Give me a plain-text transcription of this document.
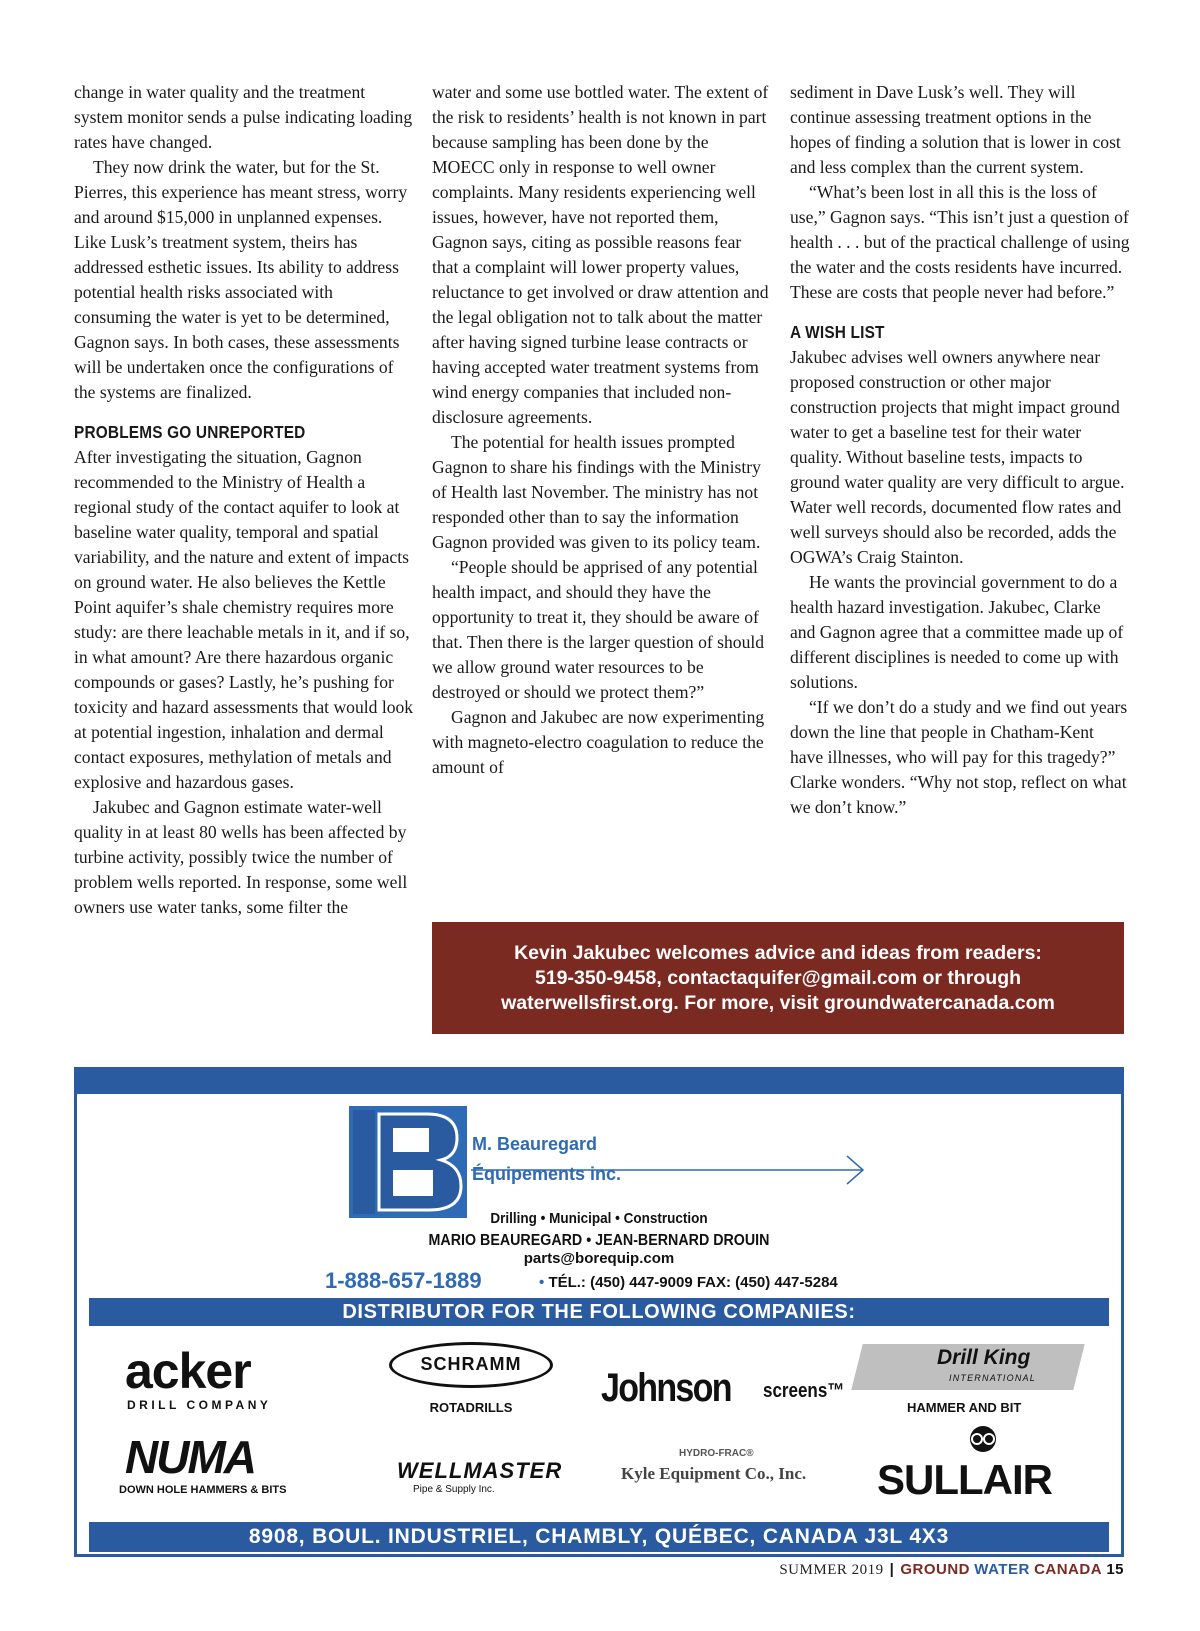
change in water quality and the treatment system monitor sends a pulse indicating loading rates have changed.

They now drink the water, but for the St. Pierres, this experience has meant stress, worry and around $15,000 in unplanned expenses. Like Lusk’s treatment system, theirs has addressed esthetic issues. Its ability to address potential health risks associated with consuming the water is yet to be determined, Gagnon says. In both cases, these assessments will be undertaken once the configurations of the systems are finalized.

PROBLEMS GO UNREPORTED

After investigating the situation, Gagnon recommended to the Ministry of Health a regional study of the contact aquifer to look at baseline water quality, temporal and spatial variability, and the nature and extent of impacts on ground water. He also believes the Kettle Point aquifer’s shale chemistry requires more study: are there leachable metals in it, and if so, in what amount? Are there hazardous organic compounds or gases? Lastly, he’s pushing for toxicity and hazard assessments that would look at potential ingestion, inhalation and dermal contact exposures, methylation of metals and explosive and hazardous gases.

Jakubec and Gagnon estimate water-well quality in at least 80 wells has been affected by turbine activity, possibly twice the number of problem wells reported. In response, some well owners use water tanks, some filter the

water and some use bottled water. The extent of the risk to residents’ health is not known in part because sampling has been done by the MOECC only in response to well owner complaints. Many residents experiencing well issues, however, have not reported them, Gagnon says, citing as possible reasons fear that a complaint will lower property values, reluctance to get involved or draw attention and the legal obligation not to talk about the matter after having signed turbine lease contracts or having accepted water treatment systems from wind energy companies that included non-disclosure agreements.

The potential for health issues prompted Gagnon to share his findings with the Ministry of Health last November. The ministry has not responded other than to say the information Gagnon provided was given to its policy team.

“People should be apprised of any potential health impact, and should they have the opportunity to treat it, they should be aware of that. Then there is the larger question of should we allow ground water resources to be destroyed or should we protect them?”

Gagnon and Jakubec are now experimenting with magneto-electro coagulation to reduce the amount of

sediment in Dave Lusk’s well. They will continue assessing treatment options in the hopes of finding a solution that is lower in cost and less complex than the current system.

“What’s been lost in all this is the loss of use,” Gagnon says. “This isn’t just a question of health . . . but of the practical challenge of using the water and the costs residents have incurred. These are costs that people never had before.”

A WISH LIST

Jakubec advises well owners anywhere near proposed construction or other major construction projects that might impact ground water to get a baseline test for their water quality. Without baseline tests, impacts to ground water quality are very difficult to argue. Water well records, documented flow rates and well surveys should also be recorded, adds the OGWA’s Craig Stainton.

He wants the provincial government to do a health hazard investigation. Jakubec, Clarke and Gagnon agree that a committee made up of different disciplines is needed to come up with solutions.

“If we don’t do a study and we find out years down the line that people in Chatham-Kent have illnesses, who will pay for this tragedy?” Clarke wonders. “Why not stop, reflect on what we don’t know.”

Kevin Jakubec welcomes advice and ideas from readers:
519-350-9458, contactaquifer@gmail.com or through
waterwellsfirst.org. For more, visit groundwatercanada.com
M. Beauregard
Équipements inc.
Drilling • Municipal • Construction
MARIO BEAUREGARD • JEAN-BERNARD DROUIN
parts@borequip.com
1-888-657-1889	• TÉL.: (450) 447-9009 FAX: (450) 447-5284
DISTRIBUTOR FOR THE FOLLOWING COMPANIES:
acker
DRILL COMPANY
SCHRAMM
ROTADRILLS	Johnson screens™
Drill King
INTERNATIONAL
HAMMER AND BIT
NUMA
DOWN HOLE HAMMERS & BITS
WELLMASTER
Pipe & Supply Inc.
HYDRO-FRAC®
Kyle Equipment Co., Inc. SULLAIR
8908, BOUL. INDUSTRIEL, CHAMBLY, QUÉBEC, CANADA J3L 4X3
SUMMER 2019 | GROUND WATER CANADA 15
